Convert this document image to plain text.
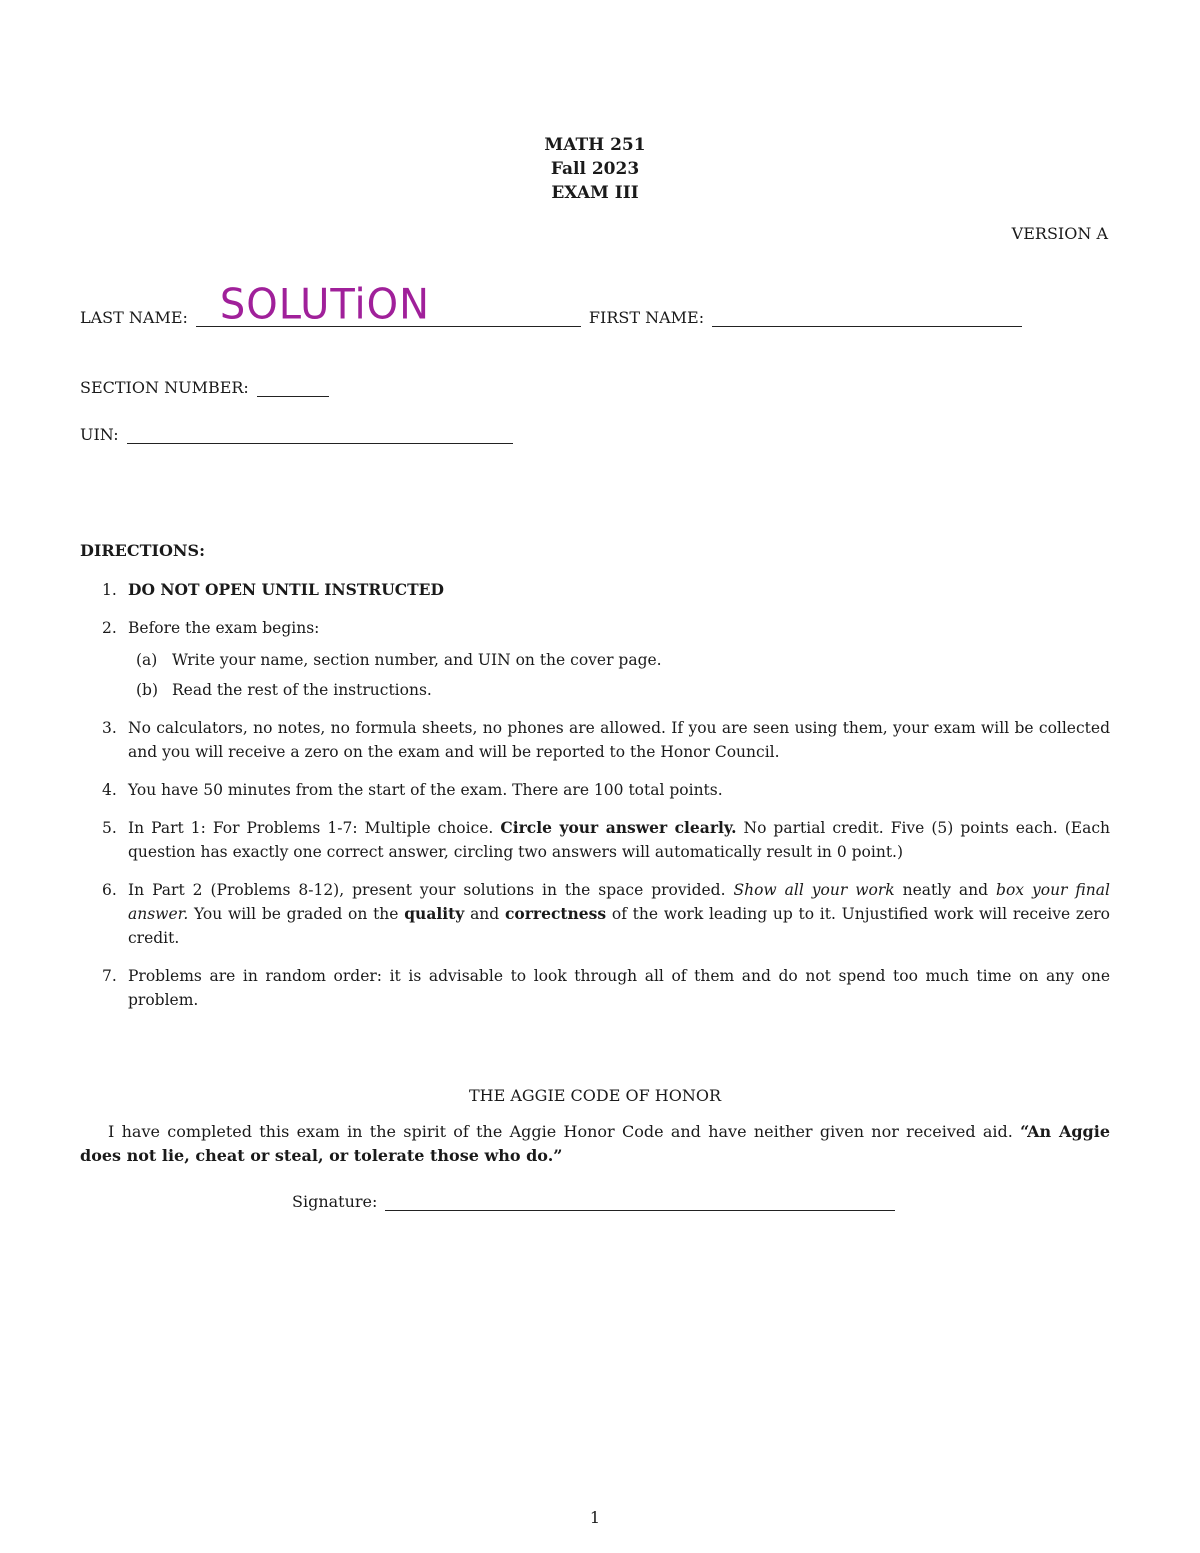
MATH 251
Fall 2023
EXAM III
VERSION A
LAST NAME: SOLUTiON	FIRST NAME:
SECTION NUMBER:
UIN:
DIRECTIONS:
1. DO NOT OPEN UNTIL INSTRUCTED
2. Before the exam begins:
(a) Write your name, section number, and UIN on the cover page.
(b) Read the rest of the instructions.
3. No calculators, no notes, no formula sheets, no phones are allowed. If you are seen using them, your exam will be collected and you will receive a zero on the exam and will be reported to the Honor Council.
4. You have 50 minutes from the start of the exam. There are 100 total points.
5. In Part 1: For Problems 1-7: Multiple choice. Circle your answer clearly. No partial credit. Five (5) points each. (Each question has exactly one correct answer, circling two answers will automatically result in 0 point.)
6. In Part 2 (Problems 8-12), present your solutions in the space provided. Show all your work neatly and box your final answer. You will be graded on the quality and correctness of the work leading up to it. Unjustified work will receive zero credit.
7. Problems are in random order: it is advisable to look through all of them and do not spend too much time on any one problem.
THE AGGIE CODE OF HONOR
I have completed this exam in the spirit of the Aggie Honor Code and have neither given nor received aid. “An Aggie does not lie, cheat or steal, or tolerate those who do.”
Signature:
1
